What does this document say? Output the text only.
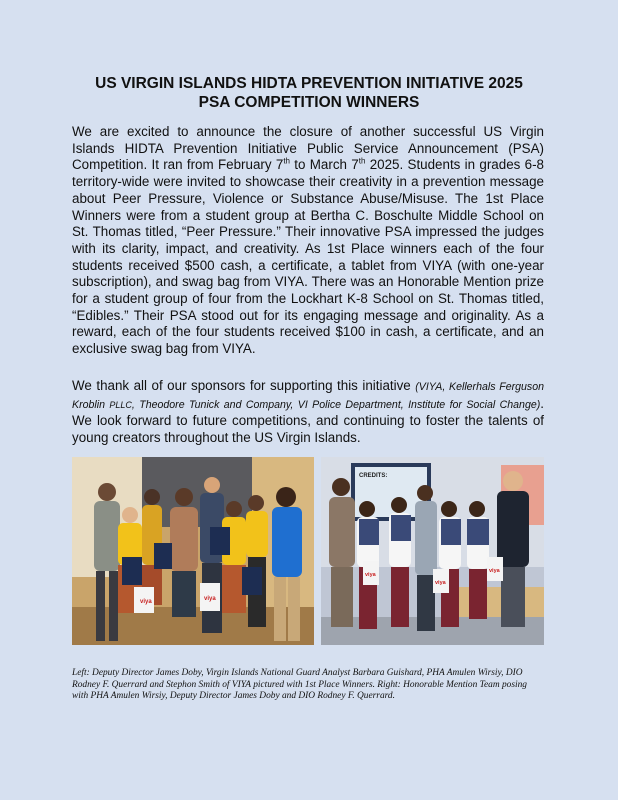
US VIRGIN ISLANDS HIDTA PREVENTION INITIATIVE 2025
PSA COMPETITION WINNERS

We are excited to announce the closure of another successful US Virgin Islands HIDTA Prevention Initiative Public Service Announcement (PSA) Competition. It ran from February 7th to March 7th 2025. Students in grades 6-8 territory-wide were invited to showcase their creativity in a prevention message about Peer Pressure, Violence or Substance Abuse/Misuse. The 1st Place Winners were from a student group at Bertha C. Boschulte Middle School on St. Thomas titled, “Peer Pressure.” Their innovative PSA impressed the judges with its clarity, impact, and creativity. As 1st Place winners each of the four students received $500 cash, a certificate, a tablet from VIYA (with one-year subscription), and swag bag from VIYA. There was an Honorable Mention prize for a student group of four from the Lockhart K-8 School on St. Thomas titled, “Edibles.” Their PSA stood out for its engaging message and originality. As a reward, each of the four students received $100 in cash, a certificate, and an exclusive swag bag from VIYA.

We thank all of our sponsors for supporting this initiative (VIYA, Kellerhals Ferguson Kroblin PLLC, Theodore Tunick and Company, VI Police Department, Institute for Social Change). We look forward to future competitions, and continuing to foster the talents of young creators throughout the US Virgin Islands.

viya	viya
CREDITS:
viya
viya
viya

Left: Deputy Director James Doby, Virgin Islands National Guard Analyst Barbara Guishard, PHA Amulen Wirsiy, DIO Rodney F. Querrard and Stephon Smith of VIYA pictured with 1st Place Winners. Right: Honorable Mention Team posing with PHA Amulen Wirsiy, Deputy Director James Doby and DIO Rodney F. Querrard.
